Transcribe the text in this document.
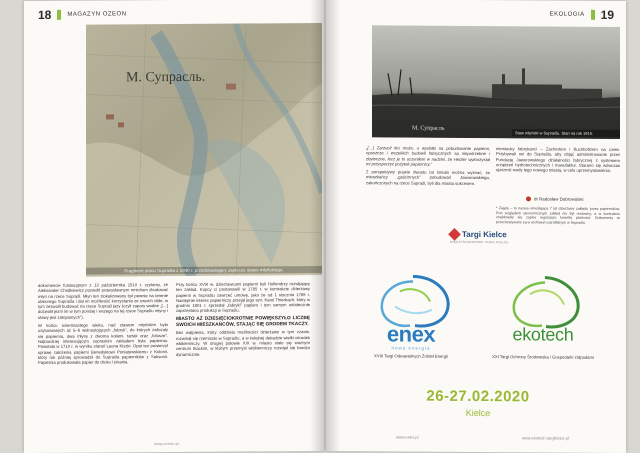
18	MAGAZYN OZEON
M. Супрасль.
Fragment planu Supraśla z 1840 r. przedstawiający zaplecze stawu młyńskiego.

dokumencie fundacyjnym z 13 października 1510 r. czytamy, że Aleksander Chodkiewicz pozwolił prawosławnym mnichom zbudować młyn na rzece Supraśl. Młyn ten zlokalizowany był pewnie na terenie obecnego Supraśla i dał im możliwość korzystania ze swoich dóbr, w tym zezwolił budować na rzece Supraśl jazy (czyli zapory wodne „[…] dozwolił jezni im w tym poniżej i wszego na tej rzece Supraślu młyny i stawy jest zatopionych”).

W końcu osiemnastego wieku, nad stawem młyńskim było usytuowanych aż 5–6 wolnostojących „fabryk”, do których zaliczały się papiernia, dwa młyny z dwoma kołami, tartak oraz „folusze”. Najbardziej interesującym supraskim zakładem była papiernia. Powstała w 1710 r. w wyniku starań Leona Kiszki. Opat ten powierzył sprawę założenia papierni Benedyktowi Poniatowskiemu z Kolonii, który rok później sprowadził do Supraśla papierników z Saksonii. Papiernia produkowała papier do druku i pisania.

Przy końcu XVIII w. dzierżawcami papierni byli Hollendrzy rozwijający ten zakład. Kupcy ci postanowili w 1785 r. w kontrakcie dzierżawy papierni w Supraślu zawrzeć umowę, jako że od 1 stycznia 1789 r. Następnie interes papierniczy przejął jego syn, Karol Thierbach, który w grudniu 1801 r. sprzedał „fabryki” papieru i tym samym ostatecznie zaprzestano produkcji w Supraślu.

MIASTO AŻ DZIESIĘCIOKROTNIE POWIĘKSZYŁO LICZBĘ SWOICH MIESZKAŃCÓW, STAJĄC SIĘ GRODEM TKACZY.

Bez wątpienia, który oddziela możliwości dzierżawy w tym czasie, rozwinął się rzemiosło w Supraślu, a w kolejnej dekadzie wielki ośrodek włókienniczy. W drugiej połowie XIX w. miasto stało się ważnym centrum tkackim, w którym przemysł włókienniczy rozwijał się bardzo dynamicznie.

www.ozeon.pl
EKOLOGIA 19
М. Супрасль
Staw młyński w Supraślu. Stan na rok 1915.

„[…] Zarzucił kto może, o wydatki na pobudowanie papierni, opuszcze i wszelkich budowli fabrycznych są niepotrzebne i zbyteczne, lecz je to uczyniłem w nadziei, że Heizler wykorzystał mi przysporzyć pożytek papiernicy.”

Z perspektywy prawie dwustu lat śmiało można wyznać, że mieszkańcy „gościnnych” pobudowań Jaworowskiego, zakończonych na rzece Supraśl, byli dla miasta sukcesem.

niemiecky fabrykanci – Zachertem i Buchholtzem na czele. Przybywali oni do Supraśla, aby objąć administrowanie przez Fundację Jaworowskiego działalności fabrycznej z systemem urządzeń hydrotechnicznych i manufaktur. Starano się wówczas ujarzmić wody tego nowego miasta, w celu uprzemysłowienia.

dr Radosław Dobrowolski
* Zajęte – to nazwa określająca 7 lat dzierżawy zakładu przez papierników. Pod względem ekonomicznym zakład nie był rentowny, a w kontrakcie znajdowały się zapisy regulujące kwestię płatności. Dokumenty te przechowywane są w archiwum parafialnym w Supraślu.
Targi Kielce
MIĘDZYNARODOWE TARGI KIELCE
enex
nowa energia
XVIII Targi Odnawialnych Źródeł Energii
ekotech
XXI Targi Ochrony Środowiska i Gospodarki Odpadami
26-27.02.2020
Kielce
www.enex.pl	www.ekotech.targikielce.pl
